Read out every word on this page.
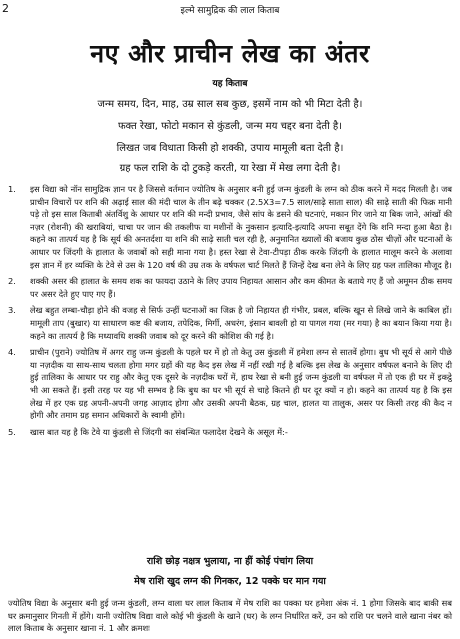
2	इल्मे सामुद्रिक की लाल किताब
नए और प्राचीन लेख का अंतर
यह किताब
जन्म समय, दिन, माह, उम्र साल सब कुछ, इसमें नाम को भी मिटा देती है।
फक्त रेखा, फोटो मकान से कुंडली, जन्म मय चद्दर बना देती है।
लिखत जब विधाता किसी हो शक्की, उपाय मामूली बता देती है।
ग्रह फल राशि के दो टुकड़े करती, या रेखा में मेख लगा देती है।
1. इस विद्या को नॉन सामुद्रिक ज्ञान पर है जिससे वर्तमान ज्योतिष के अनुसार बनी हुई जन्म कुंडली के लग्न को ठीक करने में मदद मिलती है। जब प्राचीन विचारों पर शनि की अढ़ाई साल की मंदी चाल के तीन बढ़े चक्कर (2.5X3=7.5 साल/साढ़े साता साल) की साढ़े साती की फिक्र मानी पड़े तो इस साल किताबी अंतर्विशु के आधार पर शनि की मन्दी प्रभाव, जैसे सांप के डसने की घटनाएं, मकान गिर जाने या बिक जाने, आंखों की नज़र (रोशनी) की खराबियां, चाचा पर जान की तकलीफ या मशीनों के नुकसान इत्यादि-इत्यादि अपना सबूत देंगे कि शनि मन्दा हुआ बैठा है। कहने का तात्पर्य यह है कि सूर्य की अनतर्दशा या शनि की साढ़े साती चल रही है, अनुमानित ख्यालों की बजाय कुछ ठोस चीज़ों और घटनाओं के आधार पर जिंदगी के हालात के जवाबों को सही माना गया है। हस्त रेखा से टेवा-टीपड़ा ठीक करके जिंदगी के हालात मालूम करने के अलावा इस ज्ञान में हर व्यक्ति के टेवे से उस के 120 वर्ष की उम्र तक के वर्षफल चार्ट मिलते हैं जिन्हें देख बना लेने के लिए ग्रह फल तालिका मौजूद है।

2. शक्की असर की हालात के समय शक का फायदा उठाने के लिए उपाय निहायत आसान और कम कीमत के बताये गए हैं जो अमूमन ठीक समय पर असर देते हुए पाए गए हैं।

3. लेख बहुत लम्बा-चौड़ा होने की वजह से सिर्फ उन्हीं घटनाओं का जिक्र है जो निहायत ही गंभीर, प्रबल, बल्कि खून से लिखे जाने के काबिल हों। मामूली ताप (बुखार) या साधारण कष्ट की बजाय, तपेदिक, मिर्गी, अधरंग, इंसान बावली हो या पागल गया (मर गया) है का बयान किया गया है। कहने का तात्पर्य है कि मध्यावधि शक्की जवाब को दूर करने की कोशिश की गई है।

4. प्राचीन (पुराने) ज्योतिष में अगर राहु जन्म कुंडली के पहले घर में हो तो केतु उस कुंडली में हमेशा लग्न से सातवें होगा। बुध भी सूर्य से आगे पीछे या नज़दीक या साथ-साथ चलता होगा मगर ग्रहों की यह कैद इस लेख में नहीं रखी गई है बल्कि इस लेख के अनुसार वर्षफल बनाने के लिए दी हुई तालिका के आधार पर राहु और केतु एक दूसरे के नज़दीक घरों में, हाथ रेखा से बनी हुई जन्म कुंडली या वर्षफल में तो एक ही घर में इकट्ठे भी आ सकते हैं। इसी तरह पर यह भी सम्भव है कि बुध का घर भी सूर्य से चाहे कितने ही घर दूर क्यों न हो। कहने का तात्पर्य यह है कि इस लेख में हर एक ग्रह अपनी-अपनी जगह आज़ाद होगा और उसकी अपनी बैठक, ग्रह चाल, हालत या तालुक, असर पर किसी तरह की कैद न होगी और तमाम ग्रह समान अधिकारों के स्वामी होंगे।

5. खास बात यह है कि टेवे या कुंडली से जिंदगी का संबन्धित फलादेश देखने के असूल में:-

राशि छोड़ नक्षत्र भुलाया, ना हीं कोई पंचांग लिया
मेष राशि खुद लग्न की गिनकर, 12 पक्के घर मान गया

ज्योतिष विद्या के अनुसार बनी हुई जन्म कुंडली, लग्न वाला घर लाल किताब में मेष राशि का पक्का घर हमेशा अंक नं. 1 होगा जिसके बाद बाकी सब घर क्रमानुसार गिनती में होंगे। यानी ज्योतिष विद्या वाले कोई भी कुंडली के खाने (घर) के लग्न निर्धारित करें, उन को राशि पर चलने वाले खाना नंबर को लाल किताब के अनुसार खाना नं. 1 और क्रमशः
